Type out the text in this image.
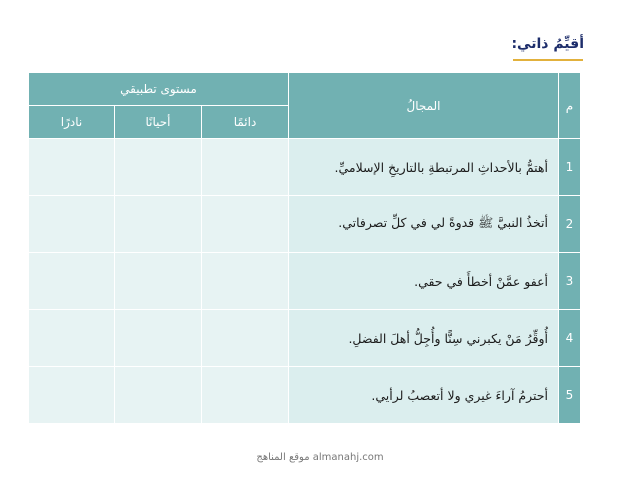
أقيِّمُ ذاتي:
م	المجالُ	مستوى تطبيقي		
		دائمًا	أحيانًا	نادرًا
1	أهتمُّ بالأحداثِ المرتبطةِ بالتاريخِ الإسلاميِّ.			
2	أتخذُ النبيَّ ﷺ قدوةً لي في كلِّ تصرفاتي.			
3	أعفو عمَّنْ أخطأَ في حقي.			
4	أُوقِّرُ مَنْ يكبرني سِنًّا وأُجِلُّ أهلَ الفضلِ.			
5	أحترمُ آراءَ غيري ولا أتعصبُ لرأيي.			
موقع المناهج almanahj.com
